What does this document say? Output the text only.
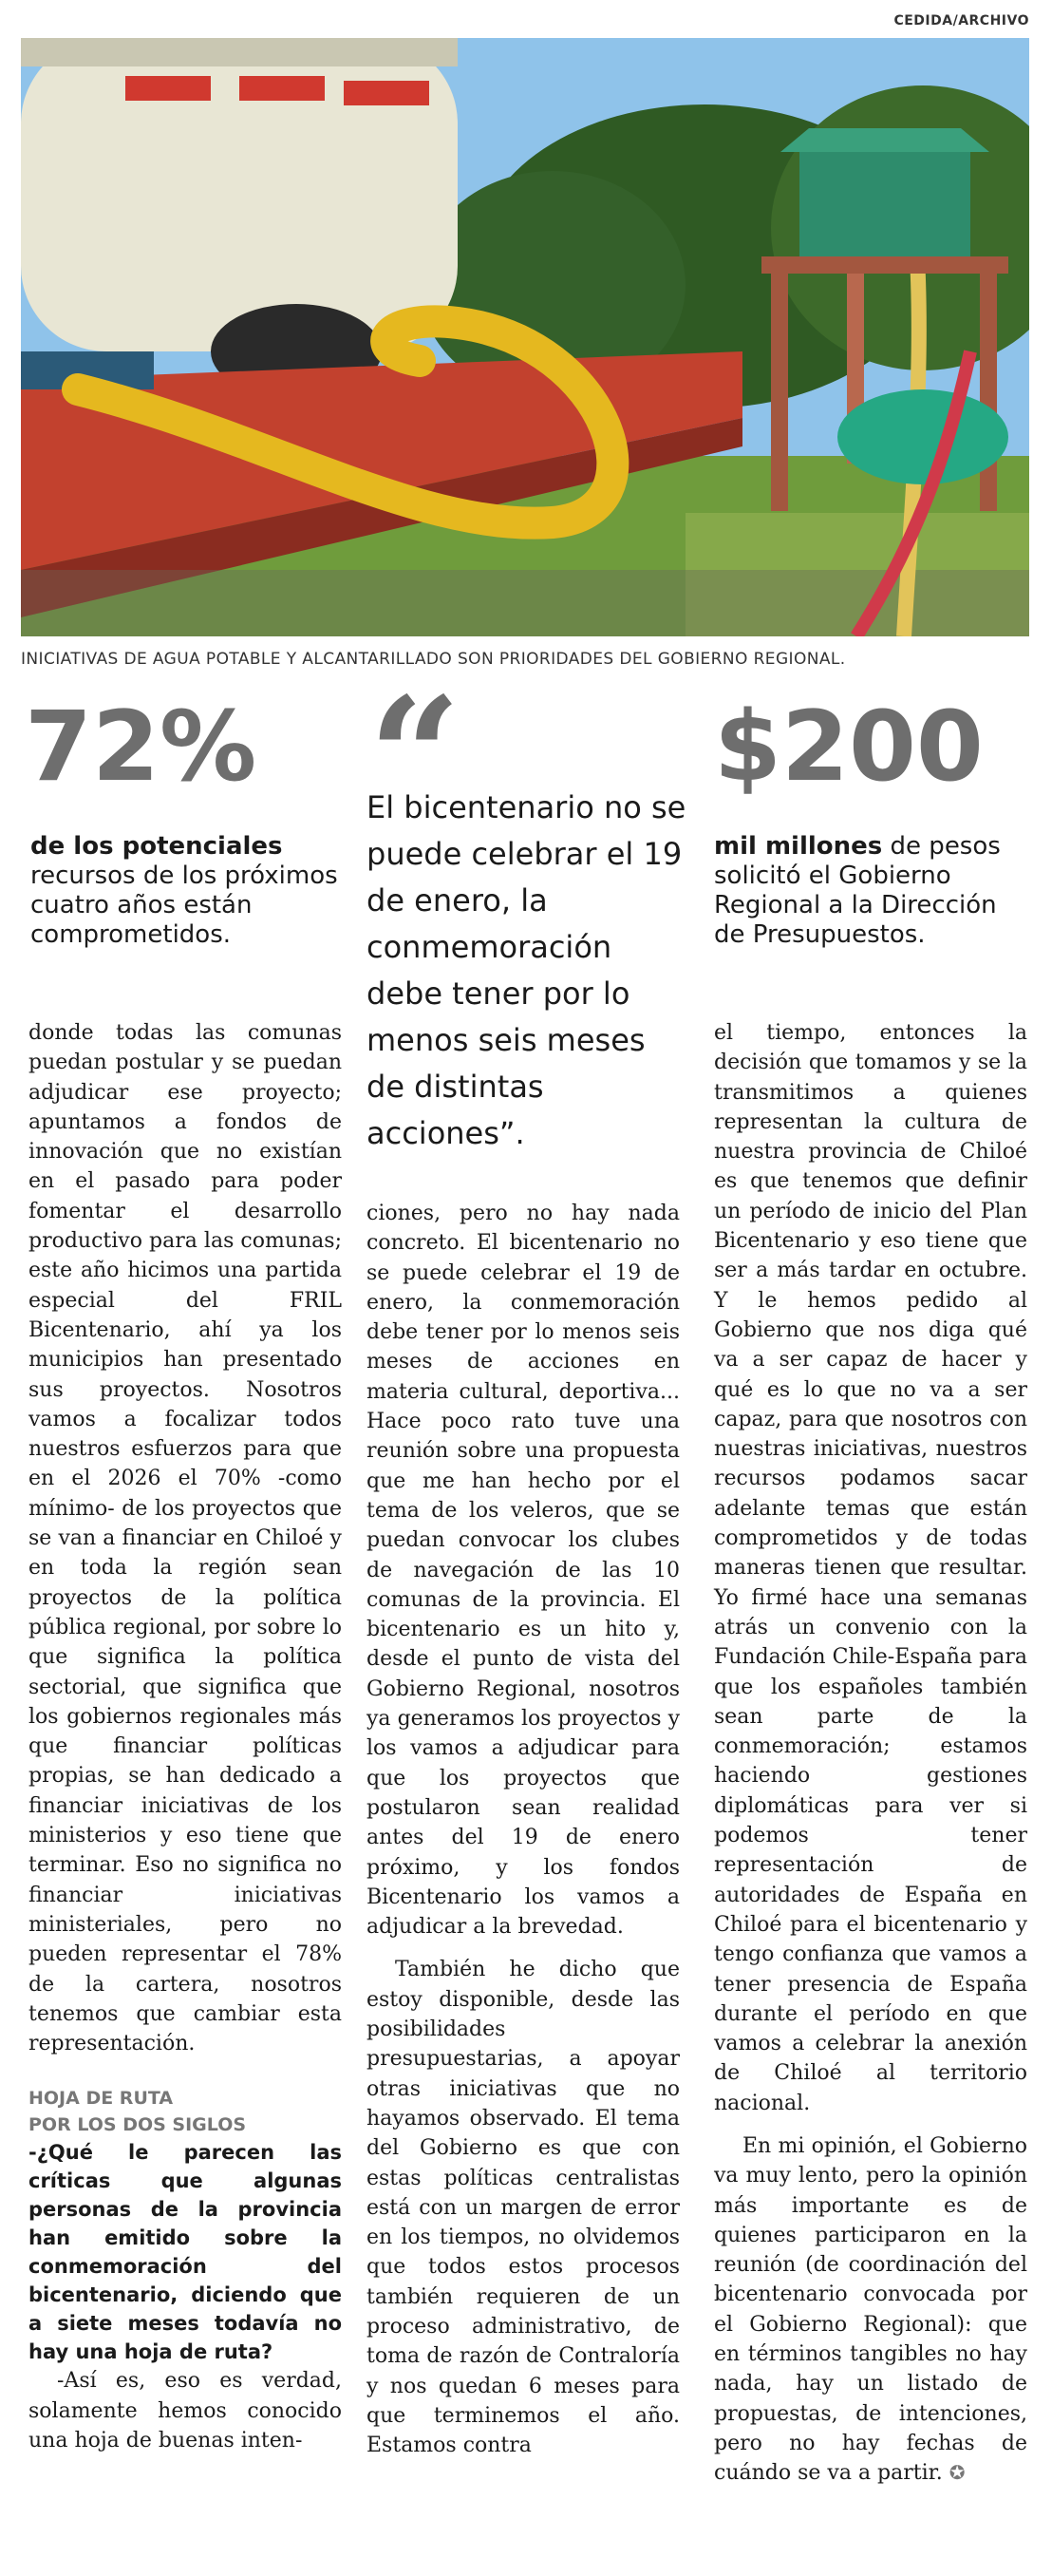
CEDIDA/ARCHIVO
INICIATIVAS DE AGUA POTABLE Y ALCANTARILLADO SON PRIORIDADES DEL GOBIERNO REGIONAL.
72%
de los potenciales
recursos de los próximos cuatro años están comprometidos.
“
El bicentenario no se puede celebrar el 19 de enero, la conmemoración debe tener por lo menos seis meses de distintas acciones”.
$200
mil millones de pesos solicitó el Gobierno Regional a la Dirección de Presupuestos.

donde todas las comunas puedan postular y se puedan adjudicar ese proyecto; apuntamos a fondos de innovación que no existían en el pasado para poder fomentar el desarrollo productivo para las comunas; este año hicimos una partida especial del FRIL Bicentenario, ahí ya los municipios han presentado sus proyectos. Nosotros vamos a focalizar todos nuestros esfuerzos para que en el 2026 el 70% -como mínimo- de los proyectos que se van a financiar en Chiloé y en toda la región sean proyectos de la política pública regional, por sobre lo que significa la política sectorial, que significa que los gobiernos regionales más que financiar políticas propias, se han dedicado a financiar iniciativas de los ministerios y eso tiene que terminar. Eso no significa no financiar iniciativas ministeriales, pero no pueden representar el 78% de la cartera, nosotros tenemos que cambiar esta representación.

HOJA DE RUTA
POR LOS DOS SIGLOS
-¿Qué le parecen las críticas que algunas personas de la provincia han emitido sobre la conmemoración del bicentenario, diciendo que a siete meses todavía no hay una hoja de ruta?

-Así es, eso es verdad, solamente hemos conocido una hoja de buenas inten-

ciones, pero no hay nada concreto. El bicentenario no se puede celebrar el 19 de enero, la conmemoración debe tener por lo menos seis meses de acciones en materia cultural, deportiva... Hace poco rato tuve una reunión sobre una propuesta que me han hecho por el tema de los veleros, que se puedan convocar los clubes de navegación de las 10 comunas de la provincia. El bicentenario es un hito y, desde el punto de vista del Gobierno Regional, nosotros ya generamos los proyectos y los vamos a adjudicar para que los proyectos que postularon sean realidad antes del 19 de enero próximo, y los fondos Bicentenario los vamos a adjudicar a la brevedad.

También he dicho que estoy disponible, desde las posibilidades presupuestarias, a apoyar otras iniciativas que no hayamos observado. El tema del Gobierno es que con estas políticas centralistas está con un margen de error en los tiempos, no olvidemos que todos estos procesos también requieren de un proceso administrativo, de toma de razón de Contraloría y nos quedan 6 meses para que terminemos el año. Estamos contra

el tiempo, entonces la decisión que tomamos y se la transmitimos a quienes representan la cultura de nuestra provincia de Chiloé es que tenemos que definir un período de inicio del Plan Bicentenario y eso tiene que ser a más tardar en octubre. Y le hemos pedido al Gobierno que nos diga qué va a ser capaz de hacer y qué es lo que no va a ser capaz, para que nosotros con nuestras iniciativas, nuestros recursos podamos sacar adelante temas que están comprometidos y de todas maneras tienen que resultar. Yo firmé hace una semanas atrás un convenio con la Fundación Chile-España para que los españoles también sean parte de la conmemoración; estamos haciendo gestiones diplomáticas para ver si podemos tener representación de autoridades de España en Chiloé para el bicentenario y tengo confianza que vamos a tener presencia de España durante el período en que vamos a celebrar la anexión de Chiloé al territorio nacional.

En mi opinión, el Gobierno va muy lento, pero la opinión más importante es de quienes participaron en la reunión (de coordinación del bicentenario convocada por el Gobierno Regional): que en términos tangibles no hay nada, hay un listado de propuestas, de intenciones, pero no hay fechas de cuándo se va a partir. ✪
